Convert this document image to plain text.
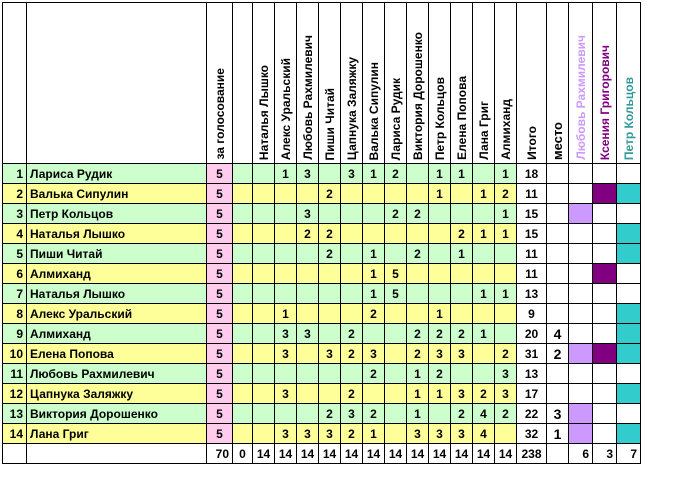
		за голосование		Наталья Лышко	Алекс Уральский	Любовь Рахмилевич	Пиши Читай	Цапнука Заляжку	Валька Сипулин	Лариса Рудик	Виктория Дорошенко	Петр Кольцов	Елена Попова	Лана Григ	Алмиханд	Итого	место	Любовь Рахмилевич	Ксения Григорович	Петр Кольцов
1	Лариса Рудик	5			1	3		3	1	2		1	1		1	18				
2	Валька Сипулин	5					2					1		1	2	11				
3	Петр Кольцов	5				3				2	2				1	15				
4	Наталья Лышко	5				2	2						2	1	1	15				
5	Пиши Читай	5					2		1		2		1			11				
6	Алмиханд	5							1	5						11				
7	Наталья Лышко	5							1	5				1	1	13				
8	Алекс Уральский	5			1				2			1				9				
9	Алмиханд	5			3	3		2			2	2	2	1		20	4			
10	Елена Попова	5			3		3	2	3		2	3	3		2	31	2			
11	Любовь Рахмилевич	5							2		1	2			3	13				
12	Цапнука Заляжку	5			3			2			1	1	3	2	3	17				
13	Виктория Дорошенко	5					2	3	2		1		2	4	2	22	3			
14	Лана Григ	5			3	3	3	2	1		3	3	3	4		32	1			
		70	0	14	14	14	14	14	14	14	14	14	14	14	14	238		6	3	7
